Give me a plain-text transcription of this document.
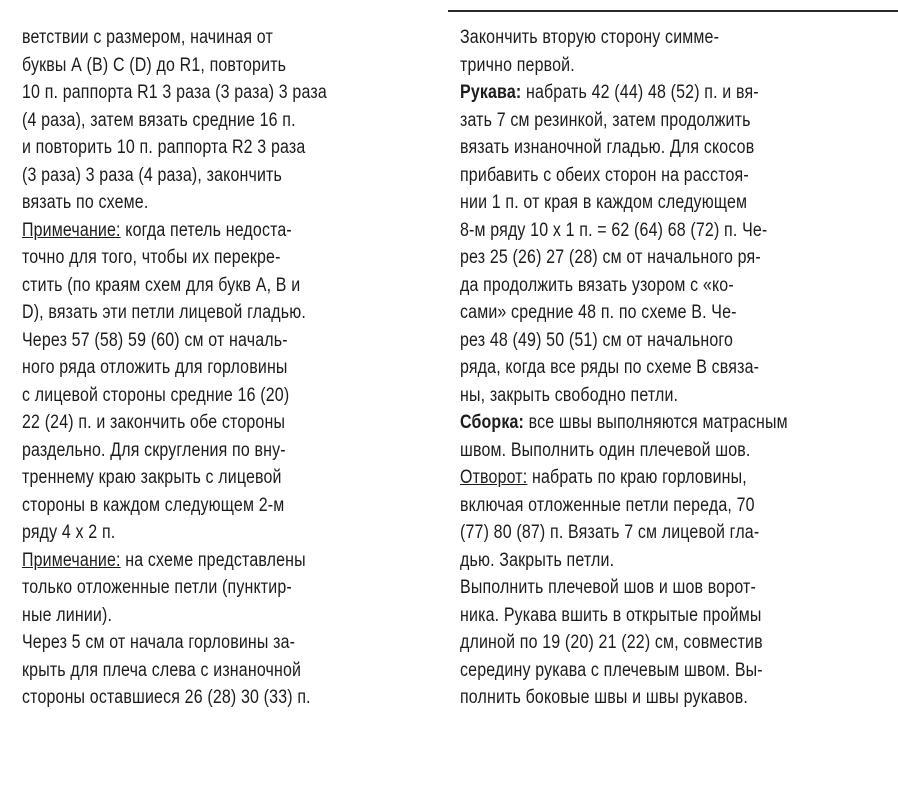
ветствии с размером, начиная от
буквы А (В) С (D) до R1, повторить
10 п. раппорта R1 3 раза (3 раза) 3 раза
(4 раза), затем вязать средние 16 п.
и повторить 10 п. раппорта R2 3 раза
(3 раза) 3 раза (4 раза), закончить
вязать по схеме.
Примечание: когда петель недоста-
точно для того, чтобы их перекре-
стить (по краям схем для букв А, В и
D), вязать эти петли лицевой гладью.
Через 57 (58) 59 (60) см от началь-
ного ряда отложить для горловины
с лицевой стороны средние 16 (20)
22 (24) п. и закончить обе стороны
раздельно. Для скругления по вну-
треннему краю закрыть с лицевой
стороны в каждом следующем 2-м
ряду 4 х 2 п.
Примечание: на схеме представлены
только отложенные петли (пунктир-
ные линии).
Через 5 см от начала горловины за-
крыть для плеча слева с изнаночной
стороны оставшиеся 26 (28) 30 (33) п.
Закончить вторую сторону симме-
трично первой.
Рукава: набрать 42 (44) 48 (52) п. и вя-
зать 7 см резинкой, затем продолжить
вязать изнаночной гладью. Для скосов
прибавить с обеих сторон на расстоя-
нии 1 п. от края в каждом следующем
8-м ряду 10 х 1 п. = 62 (64) 68 (72) п. Че-
рез 25 (26) 27 (28) см от начального ря-
да продолжить вязать узором с «ко-
сами» средние 48 п. по схеме В. Че-
рез 48 (49) 50 (51) см от начального
ряда, когда все ряды по схеме В связа-
ны, закрыть свободно петли.
Сборка: все швы выполняются матрасным
швом. Выполнить один плечевой шов.
Отворот: набрать по краю горловины,
включая отложенные петли переда, 70
(77) 80 (87) п. Вязать 7 см лицевой гла-
дью. Закрыть петли.
Выполнить плечевой шов и шов ворот-
ника. Рукава вшить в открытые проймы
длиной по 19 (20) 21 (22) см, совместив
середину рукава с плечевым швом. Вы-
полнить боковые швы и швы рукавов.
